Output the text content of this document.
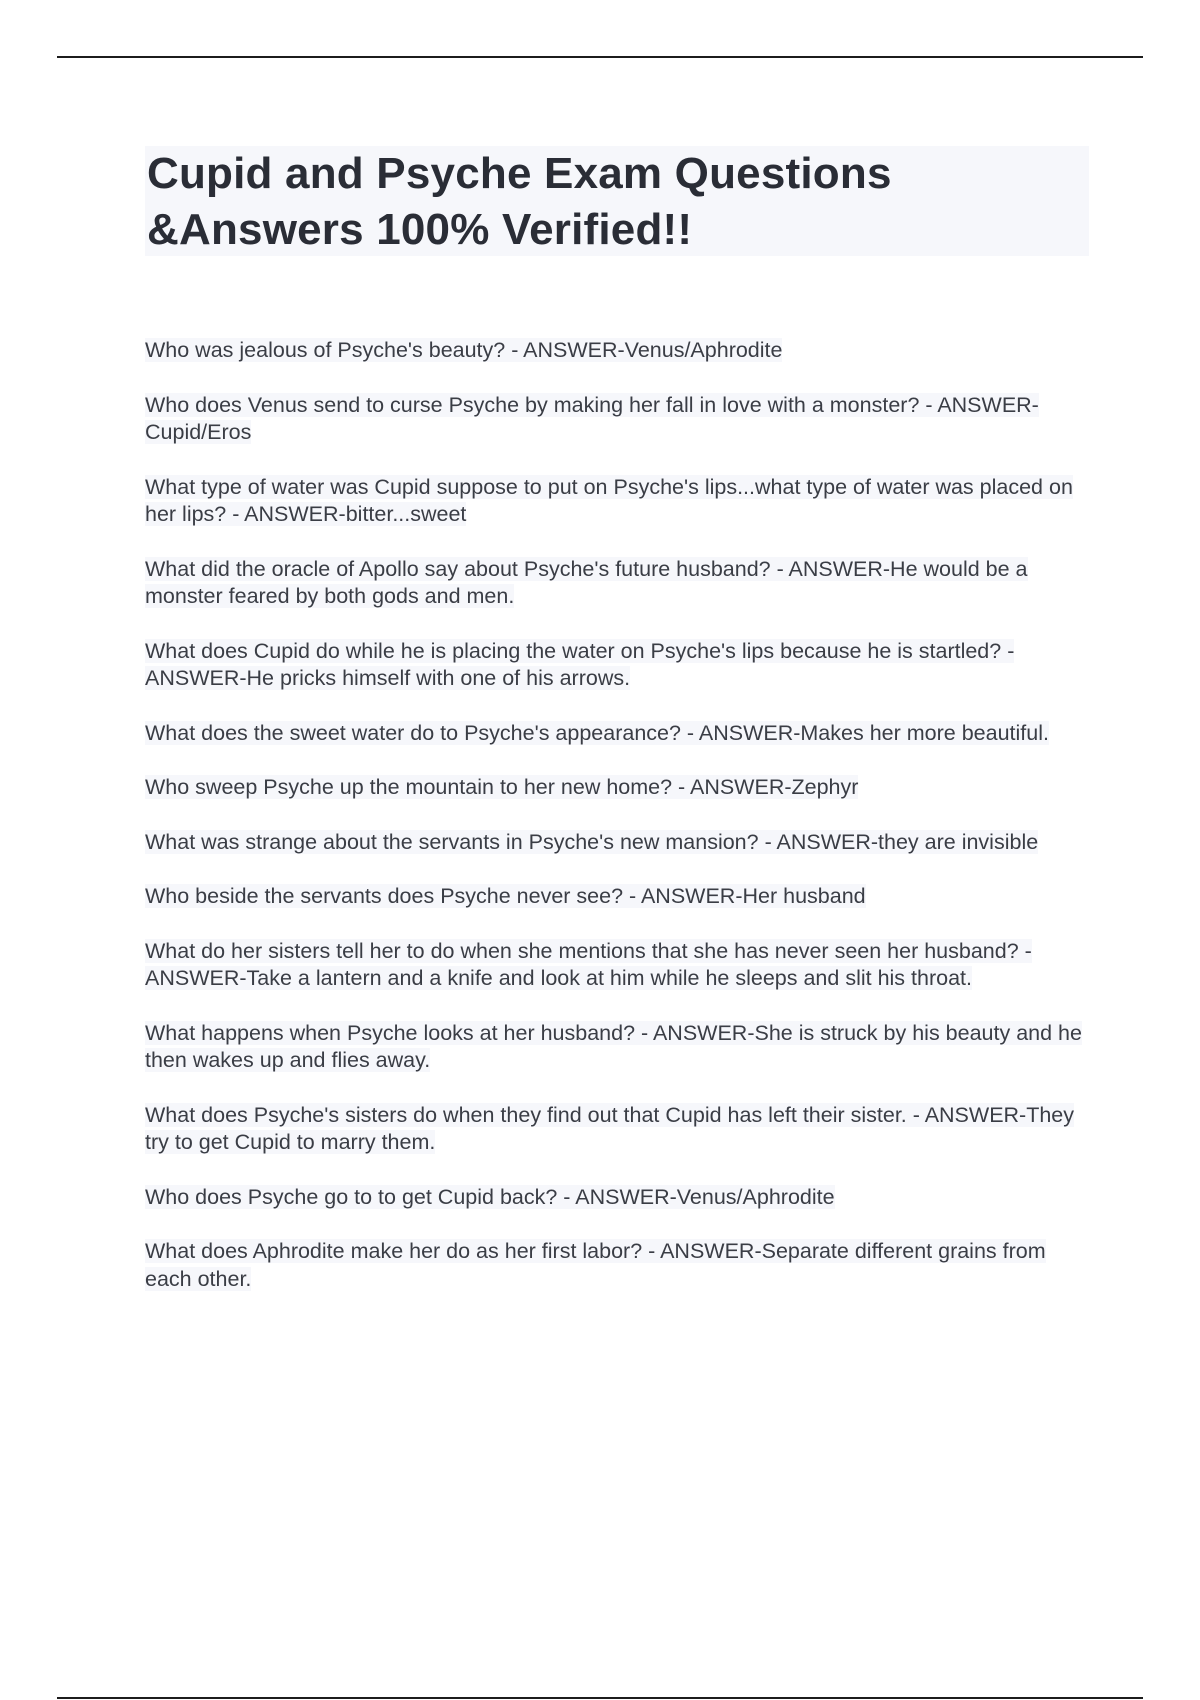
Cupid and Psyche Exam Questions &Answers 100% Verified!!

Who was jealous of Psyche's beauty? - ANSWER-Venus/Aphrodite

Who does Venus send to curse Psyche by making her fall in love with a monster? - ANSWER-Cupid/Eros

What type of water was Cupid suppose to put on Psyche's lips...what type of water was placed on her lips? - ANSWER-bitter...sweet

What did the oracle of Apollo say about Psyche's future husband? - ANSWER-He would be a monster feared by both gods and men.

What does Cupid do while he is placing the water on Psyche's lips because he is startled? - ANSWER-He pricks himself with one of his arrows.

What does the sweet water do to Psyche's appearance? - ANSWER-Makes her more beautiful.

Who sweep Psyche up the mountain to her new home? - ANSWER-Zephyr

What was strange about the servants in Psyche's new mansion? - ANSWER-they are invisible

Who beside the servants does Psyche never see? - ANSWER-Her husband

What do her sisters tell her to do when she mentions that she has never seen her husband? - ANSWER-Take a lantern and a knife and look at him while he sleeps and slit his throat.

What happens when Psyche looks at her husband? - ANSWER-She is struck by his beauty and he then wakes up and flies away.

What does Psyche's sisters do when they find out that Cupid has left their sister. - ANSWER-They try to get Cupid to marry them.

Who does Psyche go to to get Cupid back? - ANSWER-Venus/Aphrodite

What does Aphrodite make her do as her first labor? - ANSWER-Separate different grains from each other.
